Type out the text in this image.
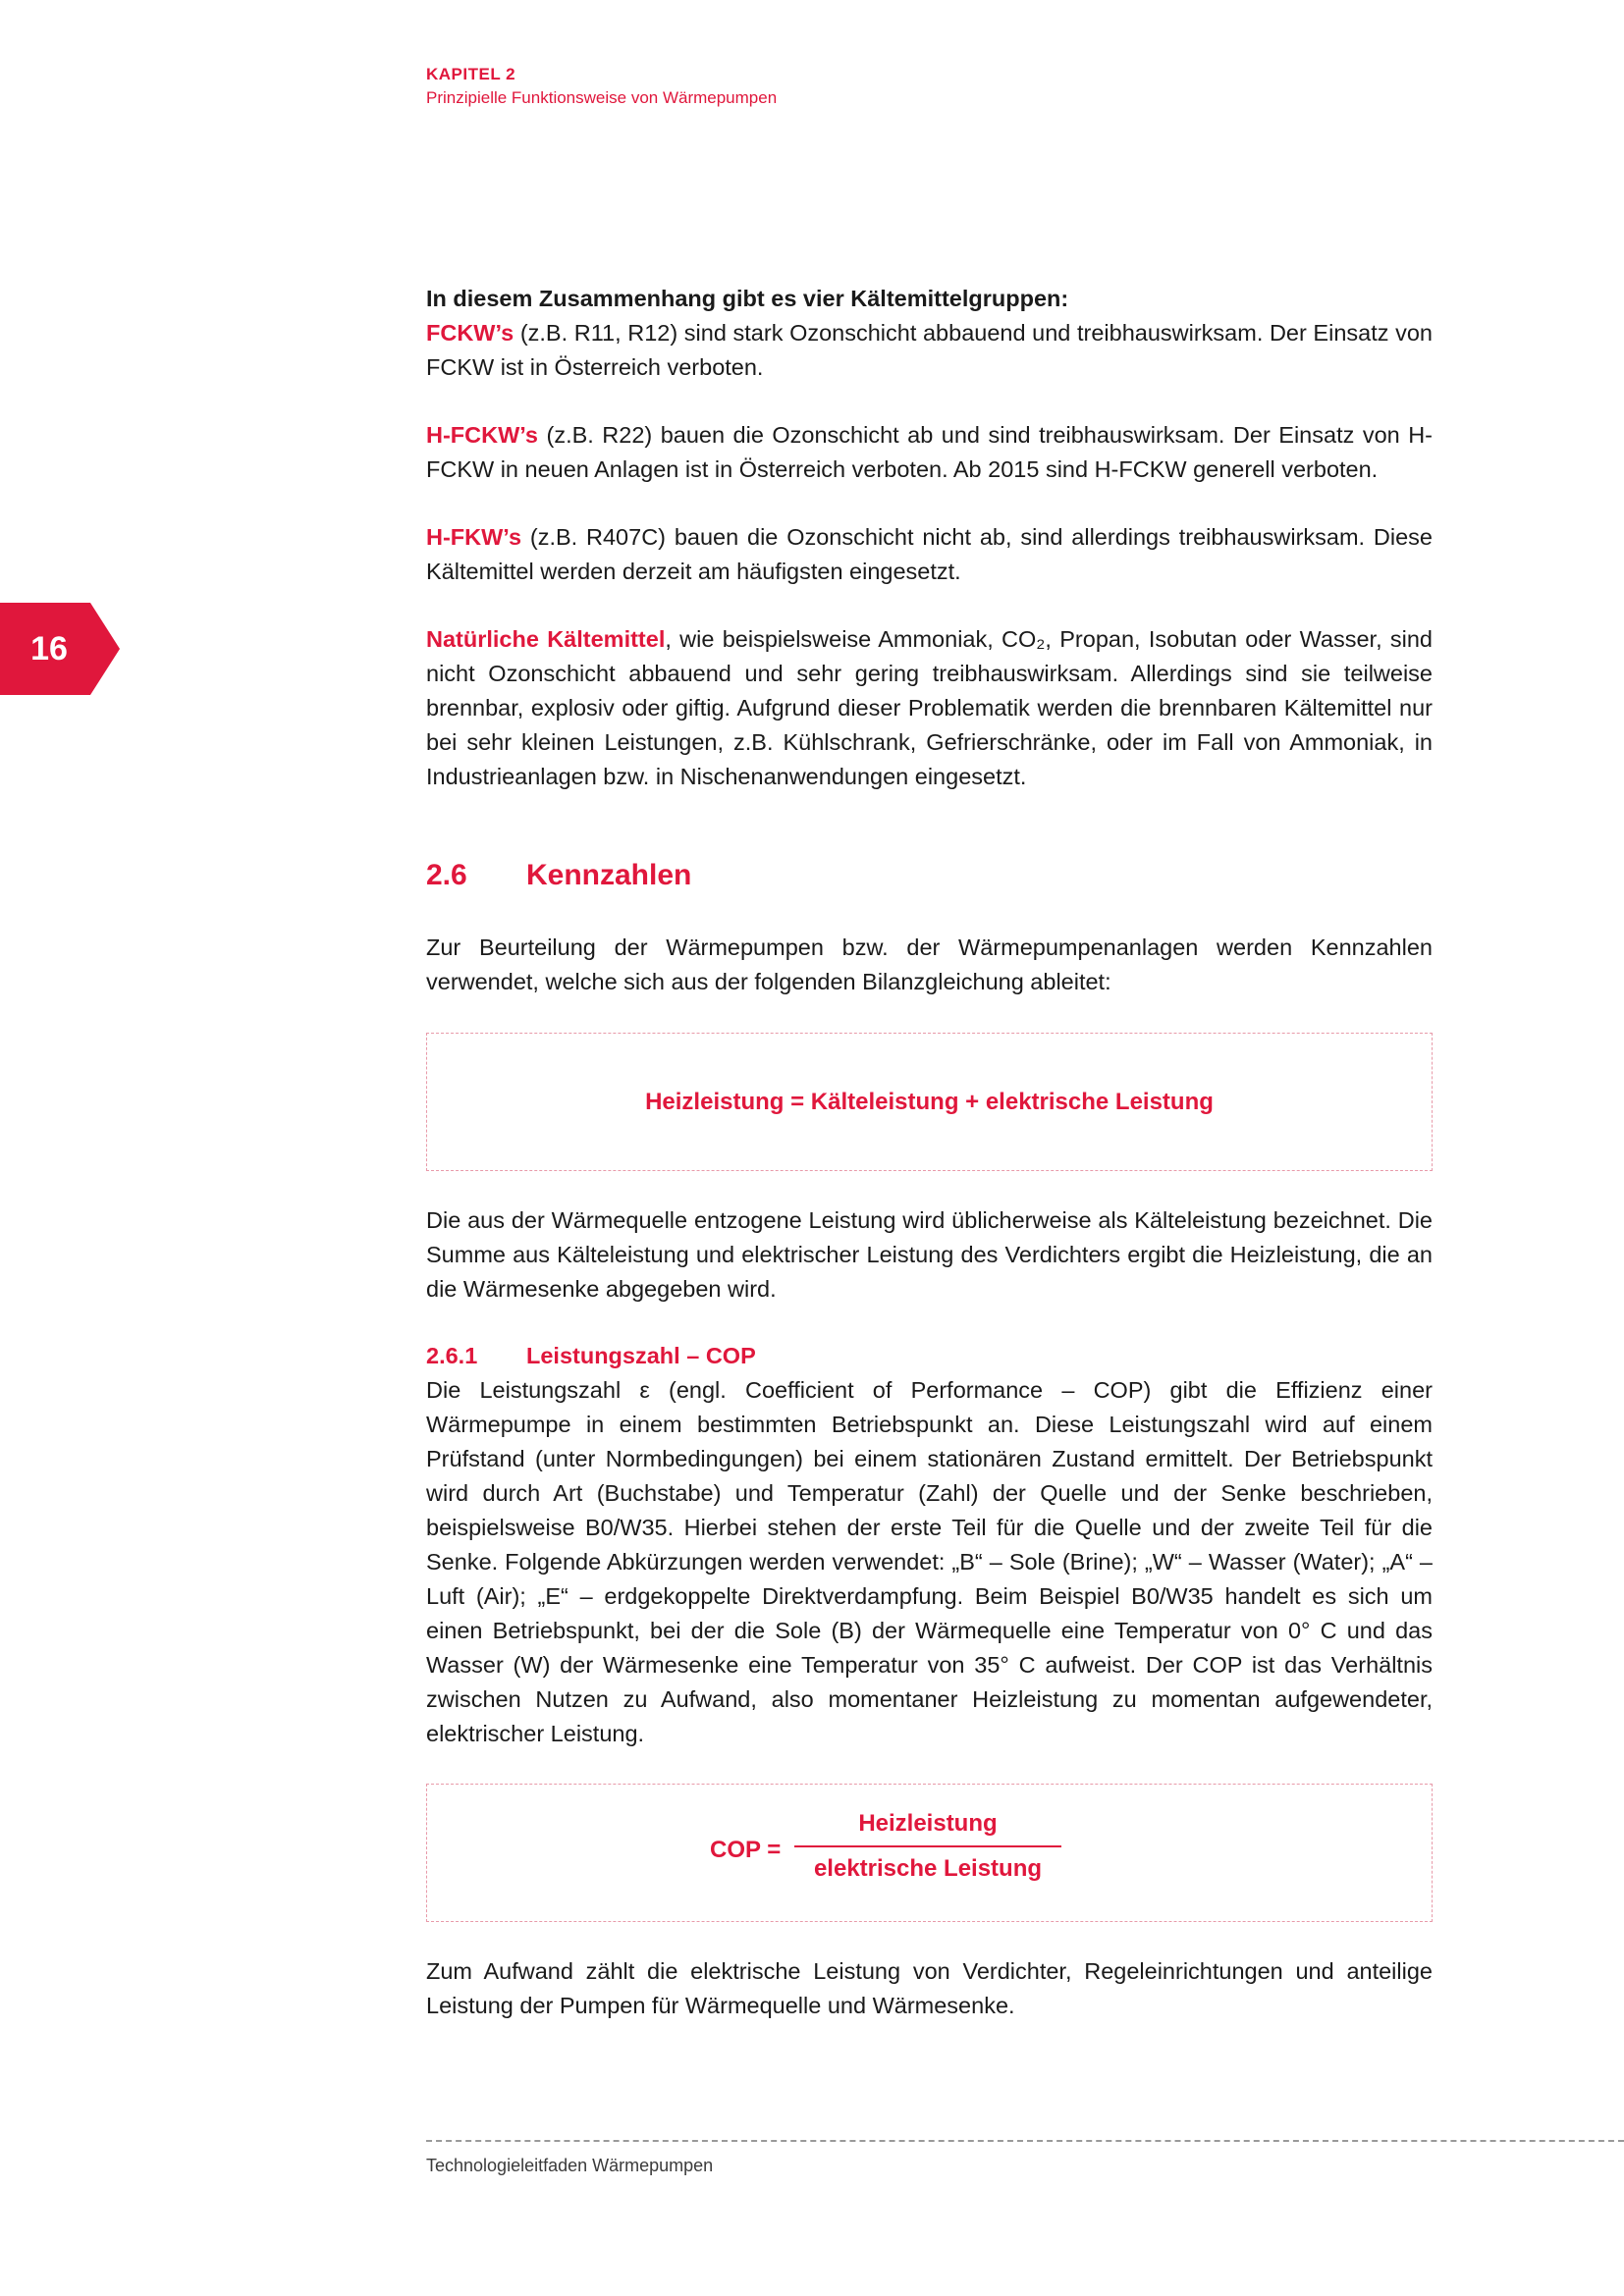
KAPITEL 2
Prinzipielle Funktionsweise von Wärmepumpen
16

In diesem Zusammenhang gibt es vier Kältemittelgruppen:

FCKW’s (z.B. R11, R12) sind stark Ozonschicht abbauend und treibhauswirksam. Der Einsatz von FCKW ist in Österreich verboten.

H-FCKW’s (z.B. R22) bauen die Ozonschicht ab und sind treibhauswirksam. Der Einsatz von H-FCKW in neuen Anlagen ist in Österreich verboten. Ab 2015 sind H-FCKW generell verboten.

H-FKW’s (z.B. R407C) bauen die Ozonschicht nicht ab, sind allerdings treibhauswirksam. Diese Kältemittel werden derzeit am häufigsten eingesetzt.

Natürliche Kältemittel, wie beispielsweise Ammoniak, CO₂, Propan, Isobutan oder Wasser, sind nicht Ozonschicht abbauend und sehr gering treibhauswirksam. Allerdings sind sie teilweise brennbar, explosiv oder giftig. Aufgrund dieser Problematik werden die brennbaren Kältemittel nur bei sehr kleinen Leistungen, z.B. Kühlschrank, Gefrierschränke, oder im Fall von Ammoniak, in Industrieanlagen bzw. in Nischenanwendungen eingesetzt.

2.6 Kennzahlen

Zur Beurteilung der Wärmepumpen bzw. der Wärmepumpenanlagen werden Kennzahlen verwendet, welche sich aus der folgenden Bilanzgleichung ableitet:

Heizleistung = Kälteleistung + elektrische Leistung

Die aus der Wärmequelle entzogene Leistung wird üblicherweise als Kälteleistung bezeichnet. Die Summe aus Kälteleistung und elektrischer Leistung des Verdichters ergibt die Heizleistung, die an die Wärmesenke abgegeben wird.

2.6.1 Leistungszahl – COP

Die Leistungszahl ε (engl. Coefficient of Performance – COP) gibt die Effizienz einer Wärmepumpe in einem bestimmten Betriebspunkt an. Diese Leistungszahl wird auf einem Prüfstand (unter Normbedingungen) bei einem stationären Zustand ermittelt. Der Betriebspunkt wird durch Art (Buchstabe) und Temperatur (Zahl) der Quelle und der Senke beschrieben, beispielsweise B0/W35. Hierbei stehen der erste Teil für die Quelle und der zweite Teil für die Senke. Folgende Abkürzungen werden verwendet: „B“ – Sole (Brine); „W“ – Wasser (Water); „A“ – Luft (Air); „E“ – erdgekoppelte Direktverdampfung. Beim Beispiel B0/W35 handelt es sich um einen Betriebspunkt, bei der die Sole (B) der Wärmequelle eine Temperatur von 0° C und das Wasser (W) der Wärmesenke eine Temperatur von 35° C aufweist. Der COP ist das Verhältnis zwischen Nutzen zu Aufwand, also momentaner Heizleistung zu momentan aufgewendeter, elektrischer Leistung.

COP =
Heizleistung
elektrische Leistung

Zum Aufwand zählt die elektrische Leistung von Verdichter, Regeleinrichtungen und anteilige Leistung der Pumpen für Wärmequelle und Wärmesenke.

Technologieleitfaden Wärmepumpen
